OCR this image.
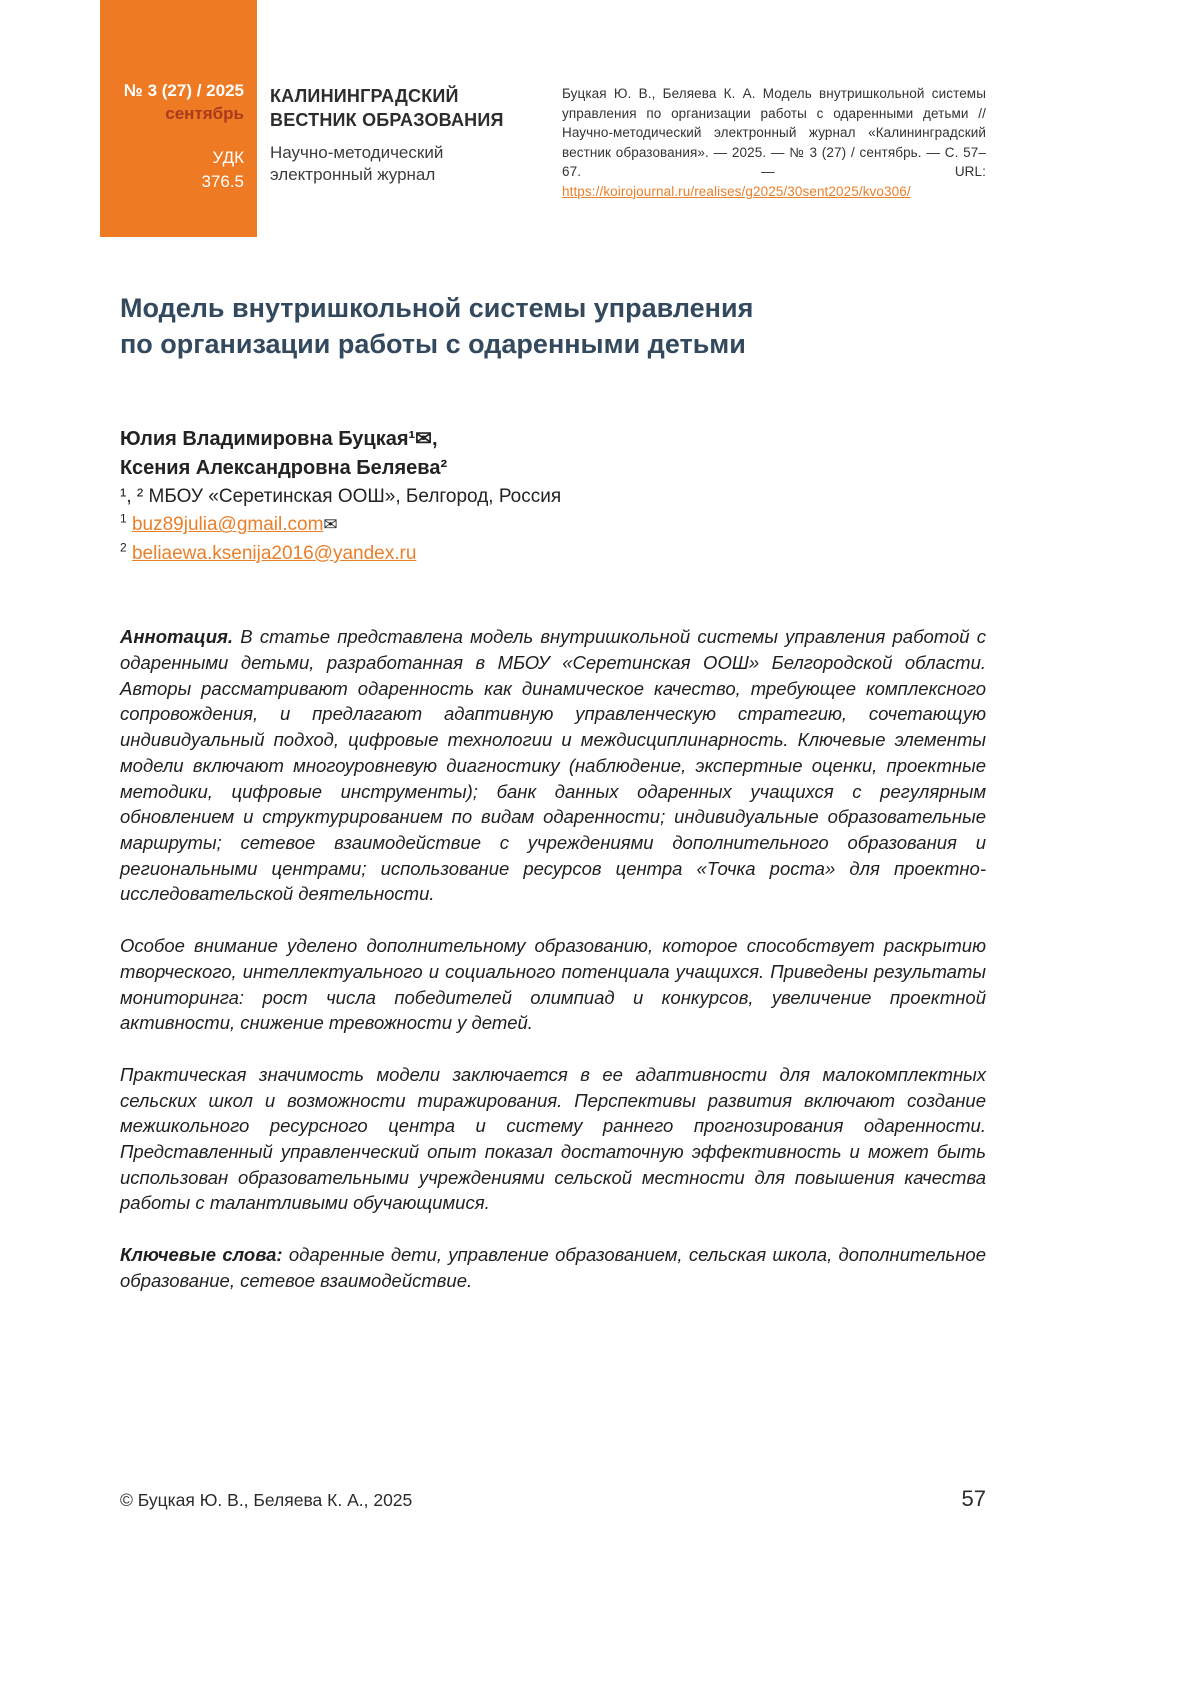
№ 3 (27) / 2025
сентябрь
УДК
376.5
КАЛИНИНГРАДСКИЙ
ВЕСТНИК ОБРАЗОВАНИЯ
Научно-методический
электронный журнал
Буцкая Ю. В., Беляева К. А. Модель внутришкольной системы управления по организации работы с одаренными детьми // Научно-методический электронный журнал «Калининградский вестник образования». — 2025. — № 3 (27) / сентябрь. — С. 57–67. — URL: https://koirojournal.ru/realises/g2025/30sent2025/kvo306/
Модель внутришкольной системы управления
по организации работы с одаренными детьми
Юлия Владимировна Буцкая¹✉,
Ксения Александровна Беляева²
¹, ² МБОУ «Серетинская ООШ», Белгород, Россия
$^1$ buz89julia@gmail.com✉
$^2$ beliaewa.ksenija2016@yandex.ru

Аннотация. В статье представлена модель внутришкольной системы управления работой с одаренными детьми, разработанная в МБОУ «Серетинская ООШ» Белгородской области. Авторы рассматривают одаренность как динамическое качество, требующее комплексного сопровождения, и предлагают адаптивную управленческую стратегию, сочетающую индивидуальный подход, цифровые технологии и междисциплинарность. Ключевые элементы модели включают многоуровневую диагностику (наблюдение, экспертные оценки, проектные методики, цифровые инструменты); банк данных одаренных учащихся с регулярным обновлением и структурированием по видам одаренности; индивидуальные образовательные маршруты; сетевое взаимодействие с учреждениями дополнительного образования и региональными центрами; использование ресурсов центра «Точка роста» для проектно-исследовательской деятельности.

Особое внимание уделено дополнительному образованию, которое способствует раскрытию творческого, интеллектуального и социального потенциала учащихся. Приведены результаты мониторинга: рост числа победителей олимпиад и конкурсов, увеличение проектной активности, снижение тревожности у детей.

Практическая значимость модели заключается в ее адаптивности для малокомплектных сельских школ и возможности тиражирования. Перспективы развития включают создание межшкольного ресурсного центра и систему раннего прогнозирования одаренности. Представленный управленческий опыт показал достаточную эффективность и может быть использован образовательными учреждениями сельской местности для повышения качества работы с талантливыми обучающимися.

Ключевые слова: одаренные дети, управление образованием, сельская школа, дополнительное образование, сетевое взаимодействие.

© Буцкая Ю. В., Беляева К. А., 2025	57
